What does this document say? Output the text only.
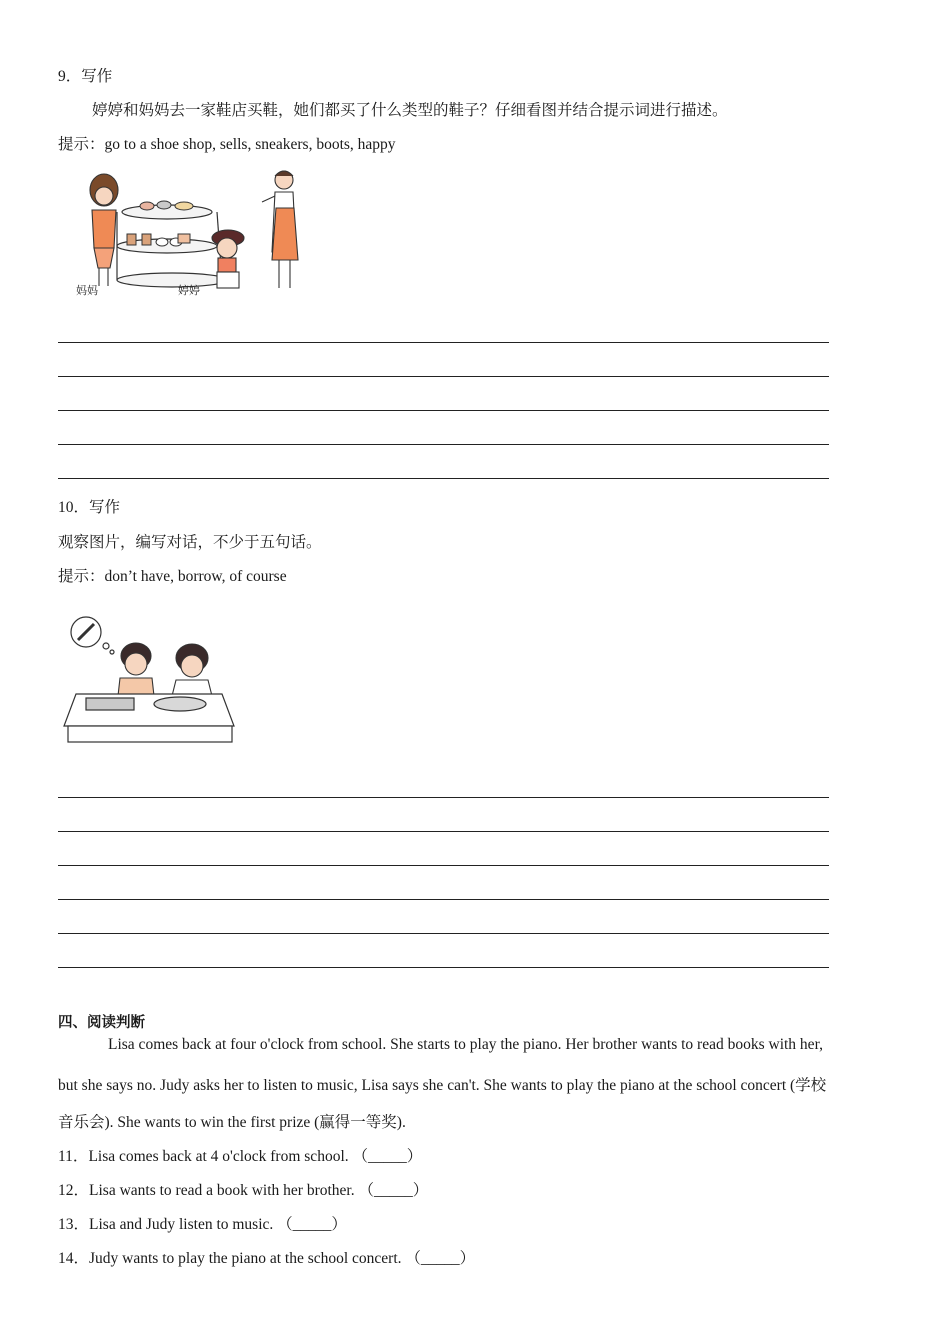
9．写作
婷婷和妈妈去一家鞋店买鞋，她们都买了什么类型的鞋子？仔细看图并结合提示词进行描述。
提示：go to a shoe shop, sells, sneakers, boots, happy
妈妈	婷婷
10．写作
观察图片，编写对话，不少于五句话。
提示：don’t have, borrow, of course
四、阅读判断
Lisa comes back at four o'clock from school. She starts to play the piano. Her brother wants to read books with her,
but she says no. Judy asks her to listen to music, Lisa says she can't. She wants to play the piano at the school concert (学校
音乐会). She wants to win the first prize (赢得一等奖).
11．Lisa comes back at 4 o'clock from school. （_____）
12．Lisa wants to read a book with her brother. （_____）
13．Lisa and Judy listen to music. （_____）
14．Judy wants to play the piano at the school concert. （_____）
